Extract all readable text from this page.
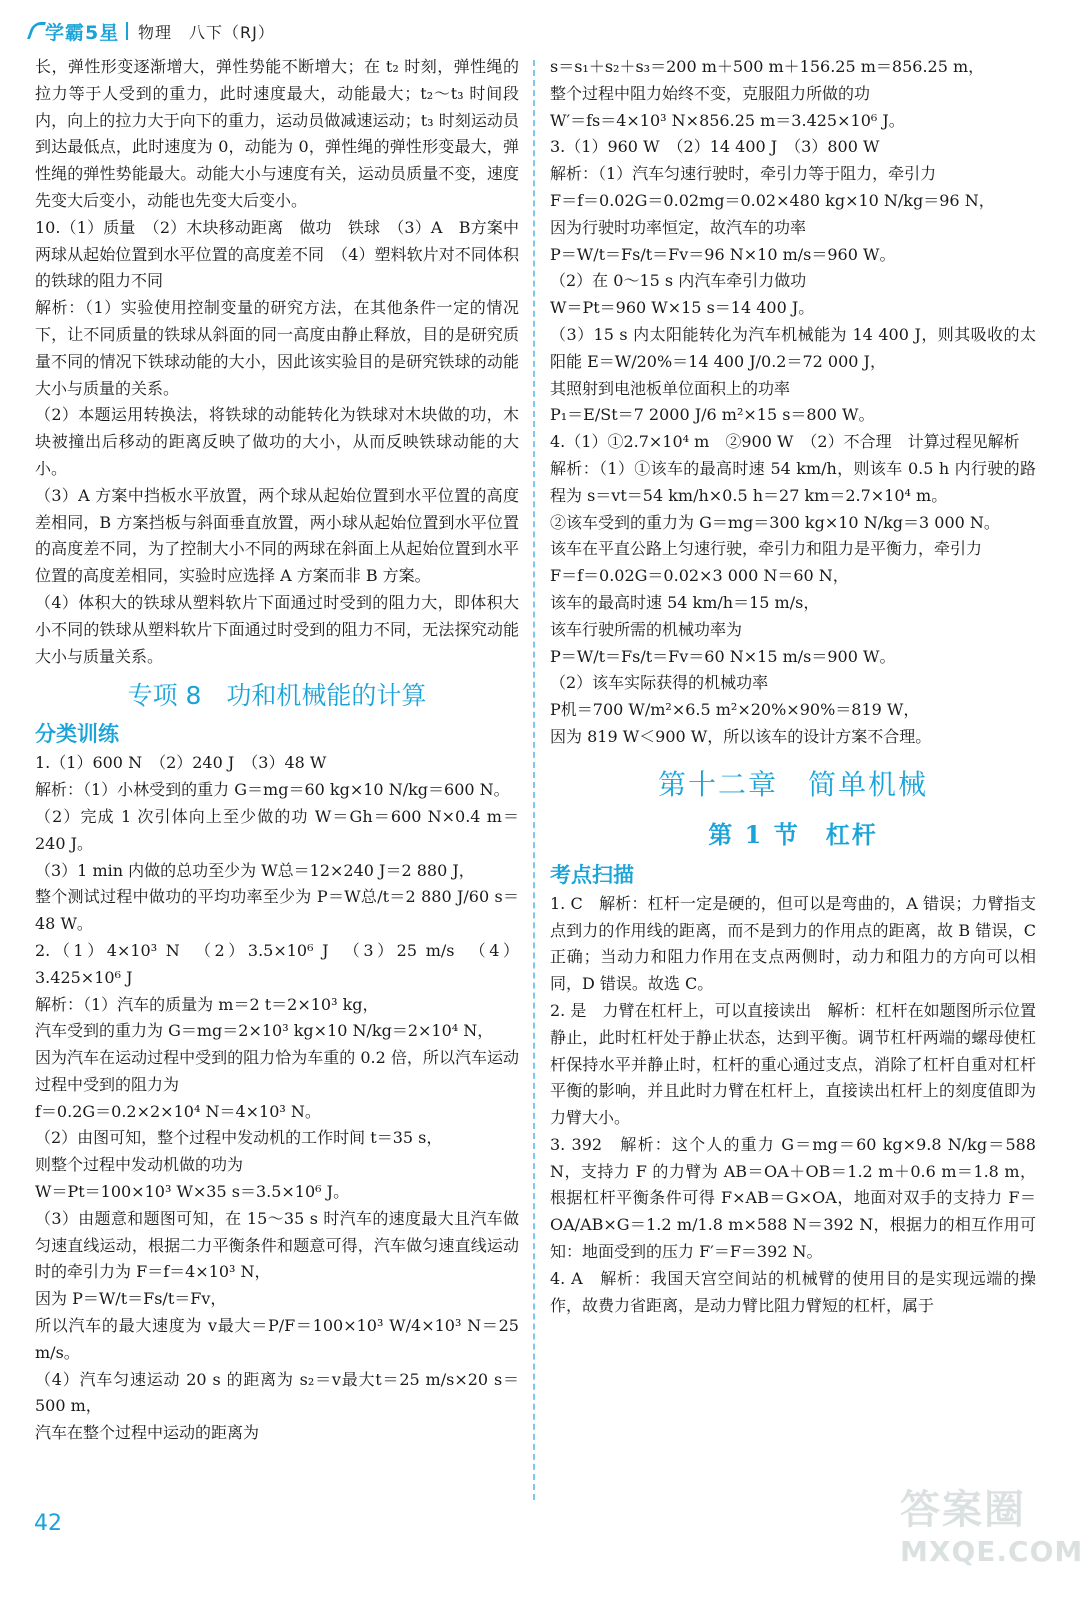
学霸5星 物理　八下（RJ）

长，弹性形变逐渐增大，弹性势能不断增大；在 t₂ 时刻，弹性绳的拉力等于人受到的重力，此时速度最大，动能最大；t₂～t₃ 时间段内，向上的拉力大于向下的重力，运动员做减速运动；t₃ 时刻运动员到达最低点，此时速度为 0，动能为 0，弹性绳的弹性形变最大，弹性绳的弹性势能最大。动能大小与速度有关，运动员质量不变，速度先变大后变小，动能也先变大后变小。

10.（1）质量　（2）木块移动距离　做功　铁球　（3）A　B方案中两球从起始位置到水平位置的高度差不同　（4）塑料软片对不同体积的铁球的阻力不同

解析：（1）实验使用控制变量的研究方法，在其他条件一定的情况下，让不同质量的铁球从斜面的同一高度由静止释放，目的是研究质量不同的情况下铁球动能的大小，因此该实验目的是研究铁球的动能大小与质量的关系。

（2）本题运用转换法，将铁球的动能转化为铁球对木块做的功，木块被撞出后移动的距离反映了做功的大小，从而反映铁球动能的大小。

（3）A 方案中挡板水平放置，两个球从起始位置到水平位置的高度差相同，B 方案挡板与斜面垂直放置，两小球从起始位置到水平位置的高度差不同，为了控制大小不同的两球在斜面上从起始位置到水平位置的高度差相同，实验时应选择 A 方案而非 B 方案。

（4）体积大的铁球从塑料软片下面通过时受到的阻力大，即体积大小不同的铁球从塑料软片下面通过时受到的阻力不同，无法探究动能大小与质量关系。

专项 8　功和机械能的计算
分类训练

1.（1）600 N　（2）240 J　（3）48 W

解析：（1）小林受到的重力 G＝mg＝60 kg×10 N/kg＝600 N。

（2）完成 1 次引体向上至少做的功 W＝Gh＝600 N×0.4 m＝240 J。

（3）1 min 内做的总功至少为 W总＝12×240 J＝2 880 J，

整个测试过程中做功的平均功率至少为 P＝W总/t＝2 880 J/60 s＝48 W。

2.（1）4×10³ N　（2）3.5×10⁶ J　（3）25 m/s　（4）3.425×10⁶ J

解析：（1）汽车的质量为 m＝2 t＝2×10³ kg，

汽车受到的重力为 G＝mg＝2×10³ kg×10 N/kg＝2×10⁴ N，

因为汽车在运动过程中受到的阻力恰为车重的 0.2 倍，所以汽车运动过程中受到的阻力为

f＝0.2G＝0.2×2×10⁴ N＝4×10³ N。

（2）由图可知，整个过程中发动机的工作时间 t＝35 s，

则整个过程中发动机做的功为

W＝Pt＝100×10³ W×35 s＝3.5×10⁶ J。

（3）由题意和题图可知，在 15～35 s 时汽车的速度最大且汽车做匀速直线运动，根据二力平衡条件和题意可得，汽车做匀速直线运动时的牵引力为 F＝f＝4×10³ N，

因为 P＝W/t＝Fs/t＝Fv，

所以汽车的最大速度为 v最大＝P/F＝100×10³ W/4×10³ N＝25 m/s。

（4）汽车匀速运动 20 s 的距离为 s₂＝v最大t＝25 m/s×20 s＝500 m，

汽车在整个过程中运动的距离为

s＝s₁＋s₂＋s₃＝200 m＋500 m＋156.25 m＝856.25 m，

整个过程中阻力始终不变，克服阻力所做的功

W′＝fs＝4×10³ N×856.25 m＝3.425×10⁶ J。

3.（1）960 W　（2）14 400 J　（3）800 W

解析：（1）汽车匀速行驶时，牵引力等于阻力，牵引力

F＝f＝0.02G＝0.02mg＝0.02×480 kg×10 N/kg＝96 N，

因为行驶时功率恒定，故汽车的功率

P＝W/t＝Fs/t＝Fv＝96 N×10 m/s＝960 W。

（2）在 0～15 s 内汽车牵引力做功

W＝Pt＝960 W×15 s＝14 400 J。

（3）15 s 内太阳能转化为汽车机械能为 14 400 J，则其吸收的太阳能 E＝W/20%＝14 400 J/0.2＝72 000 J，

其照射到电池板单位面积上的功率

P₁＝E/St＝7 2000 J/6 m²×15 s＝800 W。

4.（1）①2.7×10⁴ m　②900 W　（2）不合理　计算过程见解析

解析：（1）①该车的最高时速 54 km/h，则该车 0.5 h 内行驶的路程为 s＝vt＝54 km/h×0.5 h＝27 km＝2.7×10⁴ m。

②该车受到的重力为 G＝mg＝300 kg×10 N/kg＝3 000 N。

该车在平直公路上匀速行驶，牵引力和阻力是平衡力，牵引力

F＝f＝0.02G＝0.02×3 000 N＝60 N，

该车的最高时速 54 km/h＝15 m/s，

该车行驶所需的机械功率为

P＝W/t＝Fs/t＝Fv＝60 N×15 m/s＝900 W。

（2）该车实际获得的机械功率

P机＝700 W/m²×6.5 m²×20%×90%＝819 W，

因为 819 W＜900 W，所以该车的设计方案不合理。

第十二章　简单机械
第 1 节　杠杆
考点扫描

1. C　解析：杠杆一定是硬的，但可以是弯曲的，A 错误；力臂指支点到力的作用线的距离，而不是到力的作用点的距离，故 B 错误，C 正确；当动力和阻力作用在支点两侧时，动力和阻力的方向可以相同，D 错误。故选 C。

2. 是　力臂在杠杆上，可以直接读出　解析：杠杆在如题图所示位置静止，此时杠杆处于静止状态，达到平衡。调节杠杆两端的螺母使杠杆保持水平并静止时，杠杆的重心通过支点，消除了杠杆自重对杠杆平衡的影响，并且此时力臂在杠杆上，直接读出杠杆上的刻度值即为力臂大小。

3. 392　解析：这个人的重力 G＝mg＝60 kg×9.8 N/kg＝588 N，支持力 F 的力臂为 AB＝OA＋OB＝1.2 m＋0.6 m＝1.8 m，根据杠杆平衡条件可得 F×AB＝G×OA，地面对双手的支持力 F＝OA/AB×G＝1.2 m/1.8 m×588 N＝392 N，根据力的相互作用可知：地面受到的压力 F′＝F＝392 N。

4. A　解析：我国天宫空间站的机械臂的使用目的是实现远端的操作，故费力省距离，是动力臂比阻力臂短的杠杆，属于

42	答案圈
MXQE.COM
